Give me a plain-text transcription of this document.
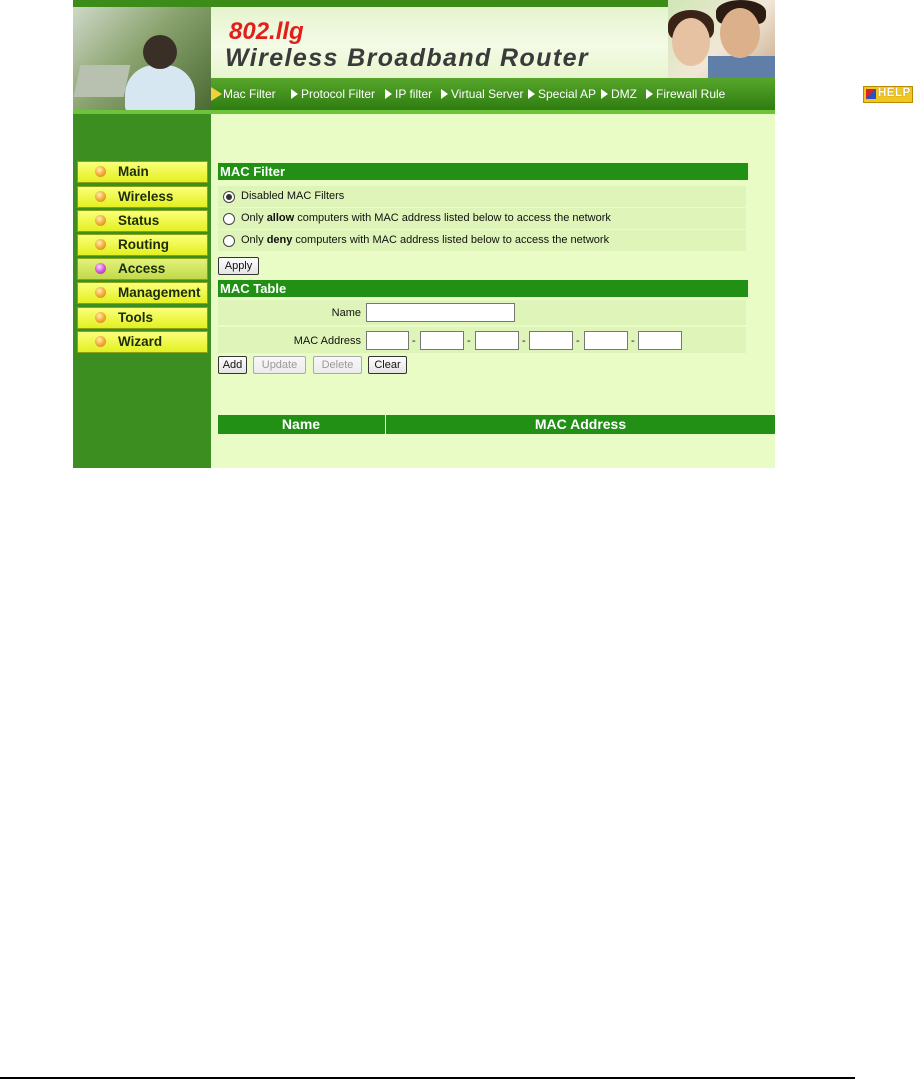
802.llg
Wireless Broadband Router
Mac Filter	Protocol Filter	IP filter	Virtual Server	Special AP	DMZ	Firewall Rule	HELP
Main
Wireless
Status
Routing
Access
Management
Tools
Wizard
MAC Filter
Disabled MAC Filters
Only allow computers with MAC address listed below to access the network
Only deny computers with MAC address listed below to access the network
Apply
MAC Table
Name
MAC Address	-	-	-	-	-
Add	Update	Delete	Clear
Name	MAC Address
